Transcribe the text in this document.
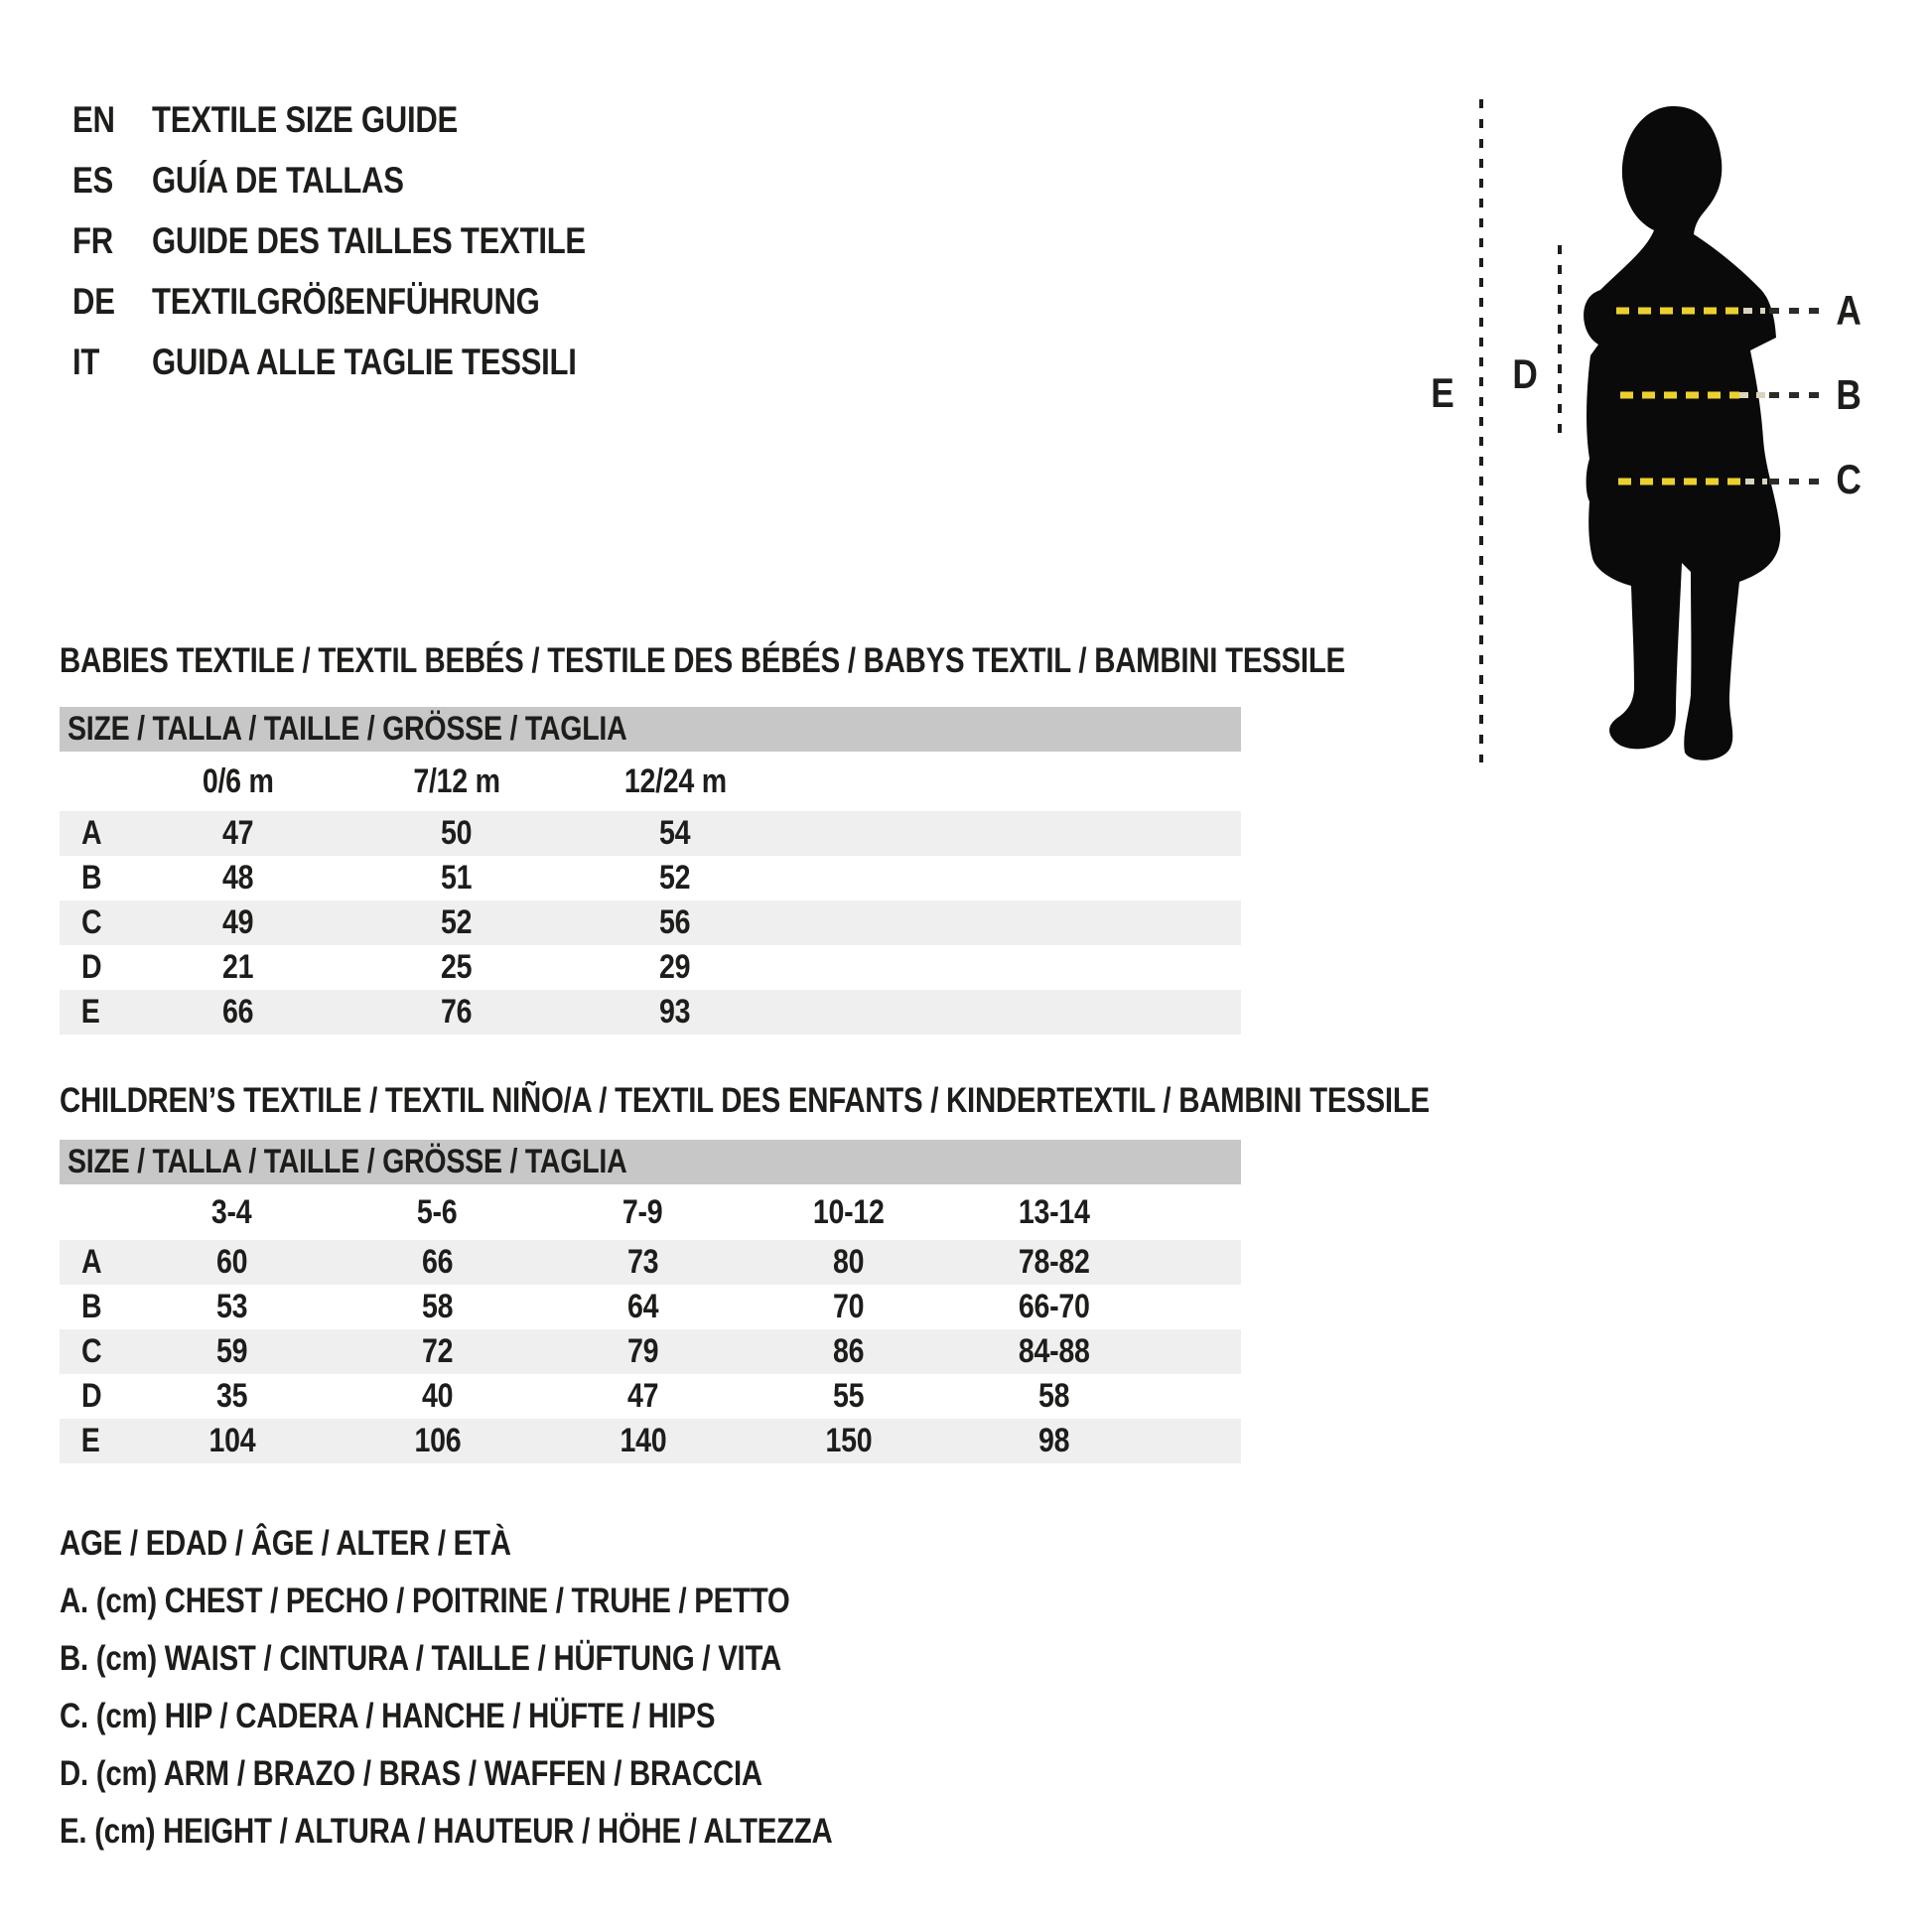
EN	TEXTILE SIZE GUIDE
ES	GUÍA DE TALLAS
FR	GUIDE DES TAILLES TEXTILE
DE	TEXTILGRÖßENFÜHRUNG
IT	GUIDA ALLE TAGLIE TESSILI
BABIES TEXTILE / TEXTIL BEBÉS / TESTILE DES BÉBÉS / BABYS TEXTIL / BAMBINI TESSILE
SIZE / TALLA / TAILLE / GRÖSSE / TAGLIA
0/6 m	7/12 m	12/24 m
A	47	50	54
B	48	51	52
C	49	52	56
D	21	25	29
E	66	76	93
CHILDREN’S TEXTILE / TEXTIL NIÑO/A / TEXTIL DES ENFANTS / KINDERTEXTIL / BAMBINI TESSILE
SIZE / TALLA / TAILLE / GRÖSSE / TAGLIA
3-4	5-6	7-9	10-12	13-14
A	60	66	73	80	78-82
B	53	58	64	70	66-70
C	59	72	79	86	84-88
D	35	40	47	55	58
E	104	106	140	150	98
AGE / EDAD / ÂGE / ALTER / ETÀ
A. (cm) CHEST / PECHO / POITRINE / TRUHE / PETTO
B. (cm) WAIST / CINTURA / TAILLE / HÜFTUNG / VITA
C. (cm) HIP / CADERA / HANCHE / HÜFTE / HIPS
D. (cm) ARM / BRAZO / BRAS / WAFFEN / BRACCIA
E. (cm) HEIGHT / ALTURA / HAUTEUR / HÖHE / ALTEZZA
A
B
C
D
E
